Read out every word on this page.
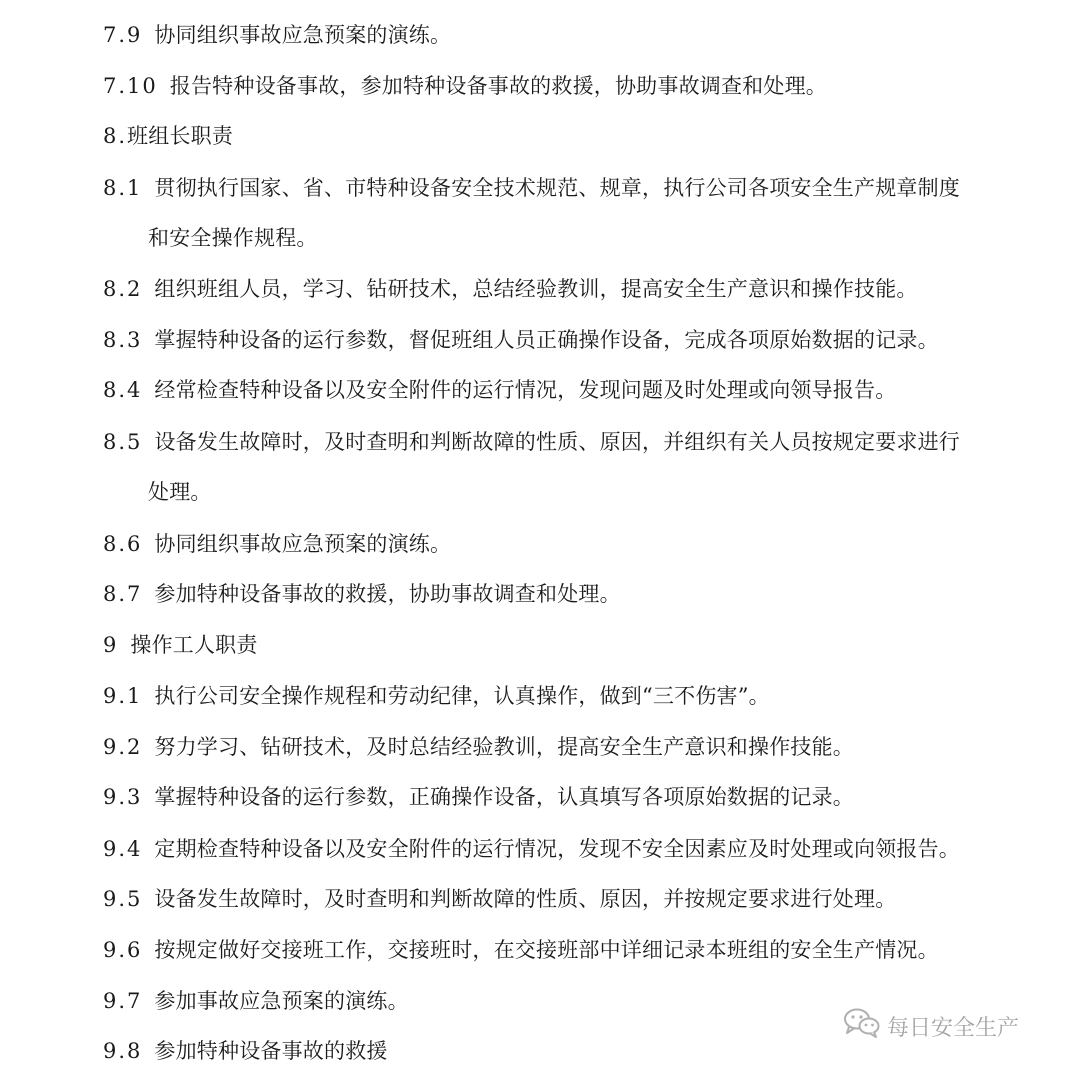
7.9 协同组织事故应急预案的演练。
7.10 报告特种设备事故，参加特种设备事故的救援，协助事故调查和处理。
8.班组长职责
8.1 贯彻执行国家、省、市特种设备安全技术规范、规章，执行公司各项安全生产规章制度
和安全操作规程。
8.2 组织班组人员，学习、钻研技术，总结经验教训，提高安全生产意识和操作技能。
8.3 掌握特种设备的运行参数，督促班组人员正确操作设备，完成各项原始数据的记录。
8.4 经常检查特种设备以及安全附件的运行情况，发现问题及时处理或向领导报告。
8.5 设备发生故障时，及时查明和判断故障的性质、原因，并组织有关人员按规定要求进行
处理。
8.6 协同组织事故应急预案的演练。
8.7 参加特种设备事故的救援，协助事故调查和处理。
9 操作工人职责
9.1 执行公司安全操作规程和劳动纪律，认真操作，做到“三不伤害”。
9.2 努力学习、钻研技术，及时总结经验教训，提高安全生产意识和操作技能。
9.3 掌握特种设备的运行参数，正确操作设备，认真填写各项原始数据的记录。
9.4 定期检查特种设备以及安全附件的运行情况，发现不安全因素应及时处理或向领报告。
9.5 设备发生故障时，及时查明和判断故障的性质、原因，并按规定要求进行处理。
9.6 按规定做好交接班工作，交接班时，在交接班部中详细记录本班组的安全生产情况。
9.7 参加事故应急预案的演练。
9.8 参加特种设备事故的救援
每日安全生产
